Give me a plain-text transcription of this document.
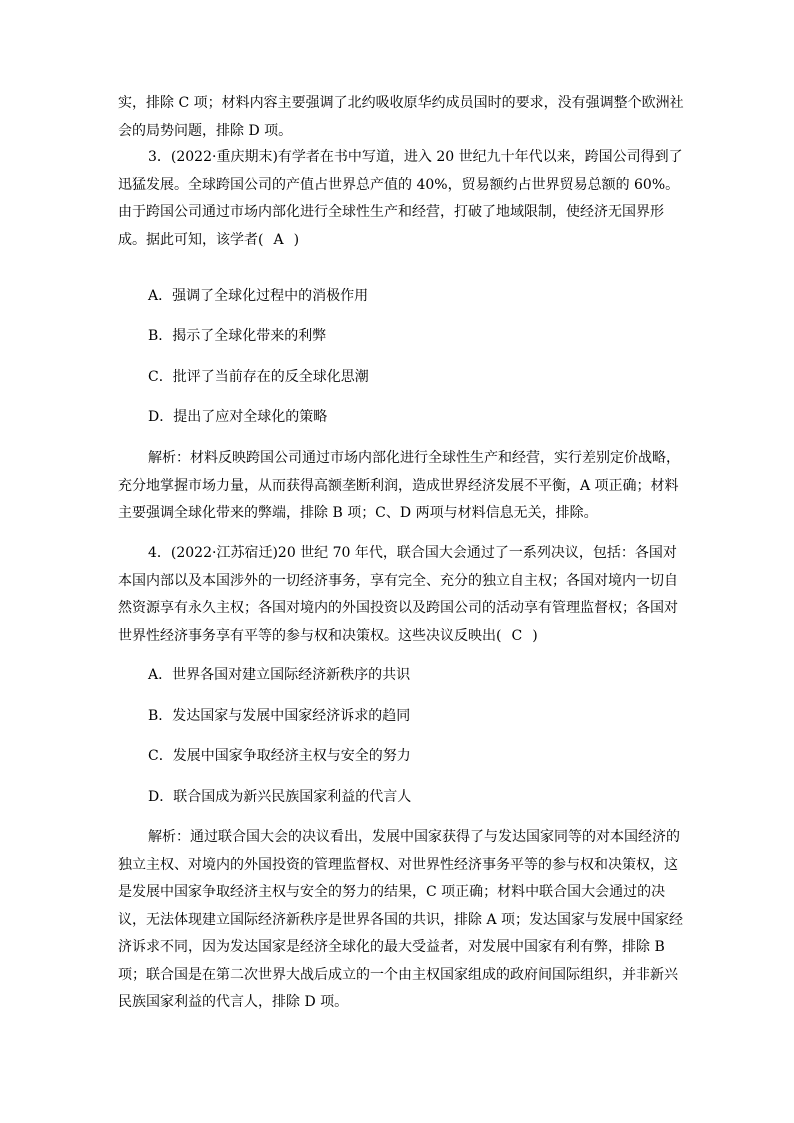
实，排除 C 项；材料内容主要强调了北约吸收原华约成员国时的要求，没有强调整个欧洲社会的局势问题，排除 D 项。
3．(2022·重庆期末)有学者在书中写道，进入 20 世纪九十年代以来，跨国公司得到了迅猛发展。全球跨国公司的产值占世界总产值的 40%，贸易额约占世界贸易总额的 60%。由于跨国公司通过市场内部化进行全球性生产和经营，打破了地域限制，使经济无国界形成。据此可知，该学者( A )
A．强调了全球化过程中的消极作用
B．揭示了全球化带来的利弊
C．批评了当前存在的反全球化思潮
D．提出了应对全球化的策略
解析：材料反映跨国公司通过市场内部化进行全球性生产和经营，实行差别定价战略，充分地掌握市场力量，从而获得高额垄断利润，造成世界经济发展不平衡，A 项正确；材料主要强调全球化带来的弊端，排除 B 项；C、D 两项与材料信息无关，排除。
4．(2022·江苏宿迁)20 世纪 70 年代，联合国大会通过了一系列决议，包括：各国对本国内部以及本国涉外的一切经济事务，享有完全、充分的独立自主权；各国对境内一切自然资源享有永久主权；各国对境内的外国投资以及跨国公司的活动享有管理监督权；各国对世界性经济事务享有平等的参与权和决策权。这些决议反映出( C )
A．世界各国对建立国际经济新秩序的共识
B．发达国家与发展中国家经济诉求的趋同
C．发展中国家争取经济主权与安全的努力
D．联合国成为新兴民族国家利益的代言人
解析：通过联合国大会的决议看出，发展中国家获得了与发达国家同等的对本国经济的独立主权、对境内的外国投资的管理监督权、对世界性经济事务平等的参与权和决策权，这是发展中国家争取经济主权与安全的努力的结果，C 项正确；材料中联合国大会通过的决议，无法体现建立国际经济新秩序是世界各国的共识，排除 A 项；发达国家与发展中国家经济诉求不同，因为发达国家是经济全球化的最大受益者，对发展中国家有利有弊，排除 B 项；联合国是在第二次世界大战后成立的一个由主权国家组成的政府间国际组织，并非新兴民族国家利益的代言人，排除 D 项。
